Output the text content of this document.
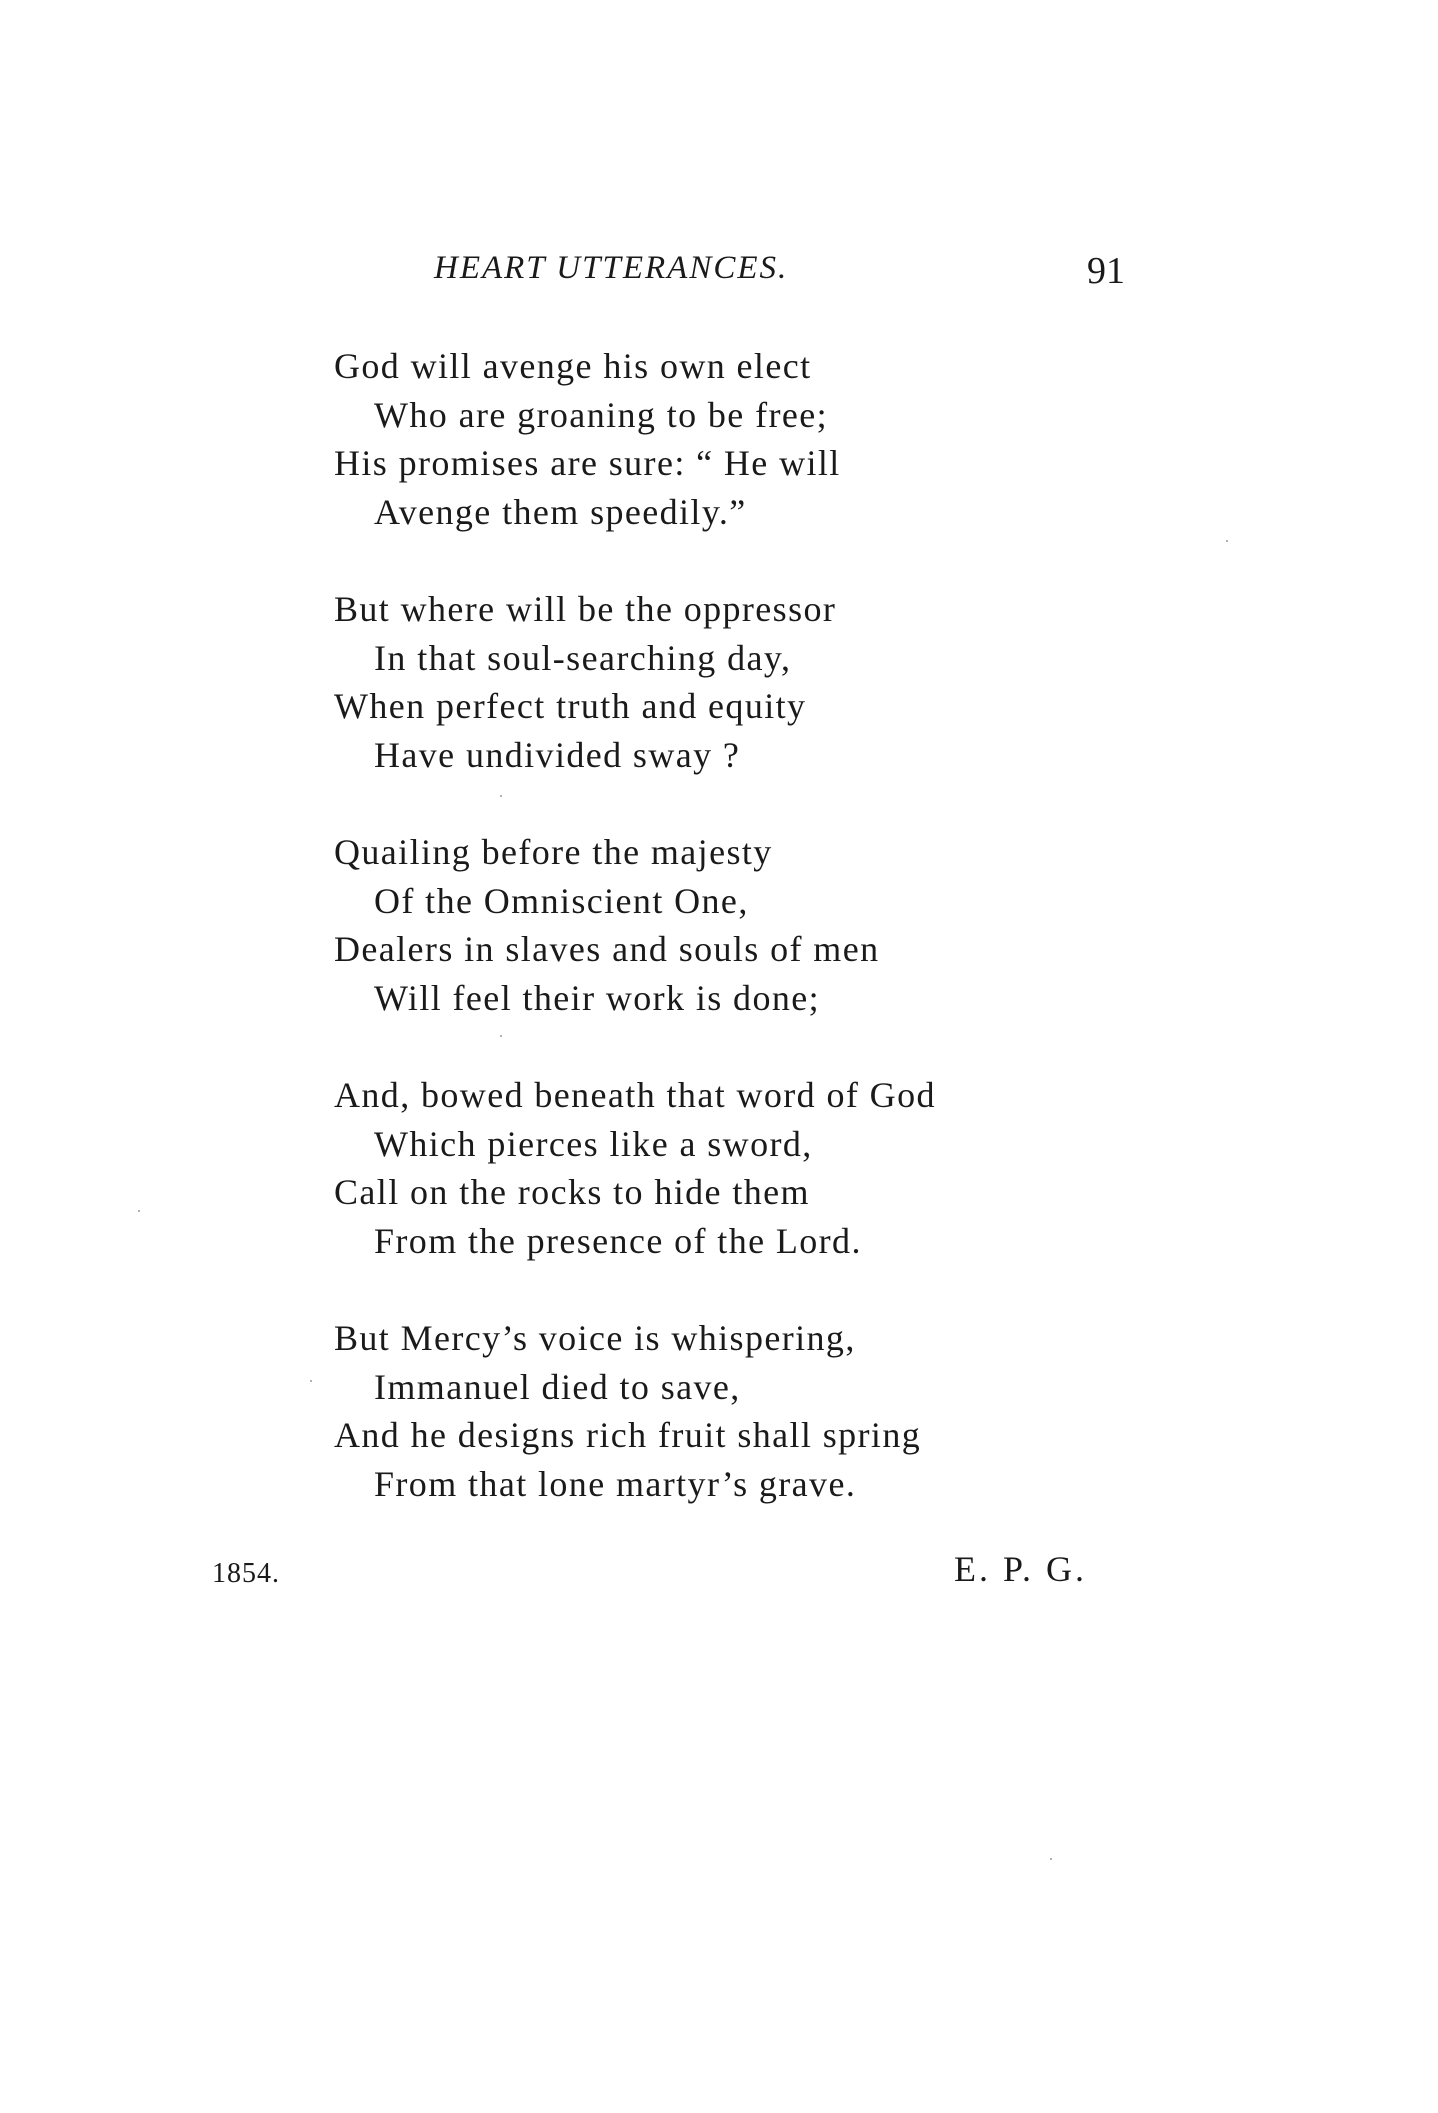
HEART UTTERANCES.	91
God will avenge his own elect
Who are groaning to be free;
His promises are sure: “ He will
Avenge them speedily.”
But where will be the oppressor
In that soul-searching day,
When perfect truth and equity
Have undivided sway ?
Quailing before the majesty
Of the Omniscient One,
Dealers in slaves and souls of men
Will feel their work is done;
And, bowed beneath that word of God
Which pierces like a sword,
Call on the rocks to hide them
From the presence of the Lord.
But Mercy’s voice is whispering,
Immanuel died to save,
And he designs rich fruit shall spring
From that lone martyr’s grave.
1854.	E. P. G.
